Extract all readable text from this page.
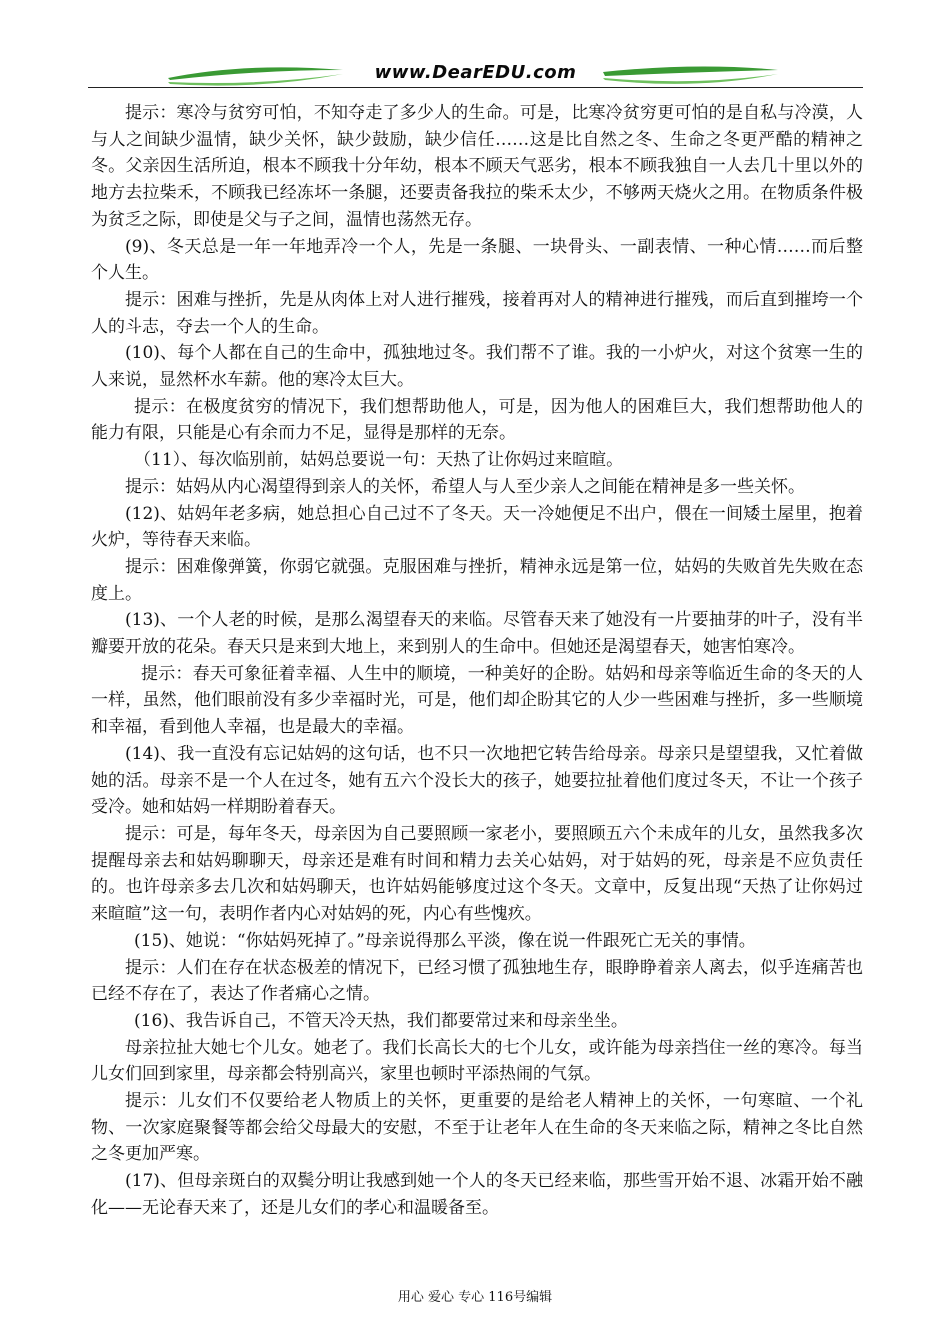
www.DearEDU.com

提示：寒冷与贫穷可怕，不知夺走了多少人的生命。可是，比寒冷贫穷更可怕的是自私与冷漠，人与人之间缺少温情，缺少关怀，缺少鼓励，缺少信任……这是比自然之冬、生命之冬更严酷的精神之冬。父亲因生活所迫，根本不顾我十分年幼，根本不顾天气恶劣，根本不顾我独自一人去几十里以外的地方去拉柴禾，不顾我已经冻坏一条腿，还要责备我拉的柴禾太少，不够两天烧火之用。在物质条件极为贫乏之际，即使是父与子之间，温情也荡然无存。

(9)、冬天总是一年一年地弄冷一个人，先是一条腿、一块骨头、一副表情、一种心情……而后整个人生。

提示：困难与挫折，先是从肉体上对人进行摧残，接着再对人的精神进行摧残，而后直到摧垮一个人的斗志，夺去一个人的生命。

(10)、每个人都在自己的生命中，孤独地过冬。我们帮不了谁。我的一小炉火，对这个贫寒一生的人来说，显然杯水车薪。他的寒冷太巨大。

提示：在极度贫穷的情况下，我们想帮助他人，可是，因为他人的困难巨大，我们想帮助他人的能力有限，只能是心有余而力不足，显得是那样的无奈。

（11）、每次临别前，姑妈总要说一句：天热了让你妈过来暄暄。

提示：姑妈从内心渴望得到亲人的关怀，希望人与人至少亲人之间能在精神是多一些关怀。

(12)、姑妈年老多病，她总担心自己过不了冬天。天一冷她便足不出户，偎在一间矮土屋里，抱着火炉，等待春天来临。

提示：困难像弹簧，你弱它就强。克服困难与挫折，精神永远是第一位，姑妈的失败首先失败在态度上。

(13)、一个人老的时候，是那么渴望春天的来临。尽管春天来了她没有一片要抽芽的叶子，没有半瓣要开放的花朵。春天只是来到大地上，来到别人的生命中。但她还是渴望春天，她害怕寒冷。

提示：春天可象征着幸福、人生中的顺境，一种美好的企盼。姑妈和母亲等临近生命的冬天的人一样，虽然，他们眼前没有多少幸福时光，可是，他们却企盼其它的人少一些困难与挫折，多一些顺境和幸福，看到他人幸福，也是最大的幸福。

(14)、我一直没有忘记姑妈的这句话，也不只一次地把它转告给母亲。母亲只是望望我，又忙着做她的活。母亲不是一个人在过冬，她有五六个没长大的孩子，她要拉扯着他们度过冬天，不让一个孩子受冷。她和姑妈一样期盼着春天。

提示：可是，每年冬天，母亲因为自己要照顾一家老小，要照顾五六个未成年的儿女，虽然我多次提醒母亲去和姑妈聊聊天，母亲还是难有时间和精力去关心姑妈，对于姑妈的死，母亲是不应负责任的。也许母亲多去几次和姑妈聊天，也许姑妈能够度过这个冬天。文章中，反复出现“天热了让你妈过来暄暄”这一句，表明作者内心对姑妈的死，内心有些愧疚。

(15)、她说：“你姑妈死掉了。”母亲说得那么平淡，像在说一件跟死亡无关的事情。

提示：人们在存在状态极差的情况下，已经习惯了孤独地生存，眼睁睁着亲人离去，似乎连痛苦也已经不存在了，表达了作者痛心之情。

(16)、我告诉自己，不管天冷天热，我们都要常过来和母亲坐坐。

母亲拉扯大她七个儿女。她老了。我们长高长大的七个儿女，或许能为母亲挡住一丝的寒冷。每当儿女们回到家里，母亲都会特别高兴，家里也顿时平添热闹的气氛。

提示：儿女们不仅要给老人物质上的关怀，更重要的是给老人精神上的关怀，一句寒暄、一个礼物、一次家庭聚餐等都会给父母最大的安慰，不至于让老年人在生命的冬天来临之际，精神之冬比自然之冬更加严寒。

(17)、但母亲斑白的双鬓分明让我感到她一个人的冬天已经来临，那些雪开始不退、冰霜开始不融化——无论春天来了，还是儿女们的孝心和温暖备至。

用心 爱心 专心 116号编辑
